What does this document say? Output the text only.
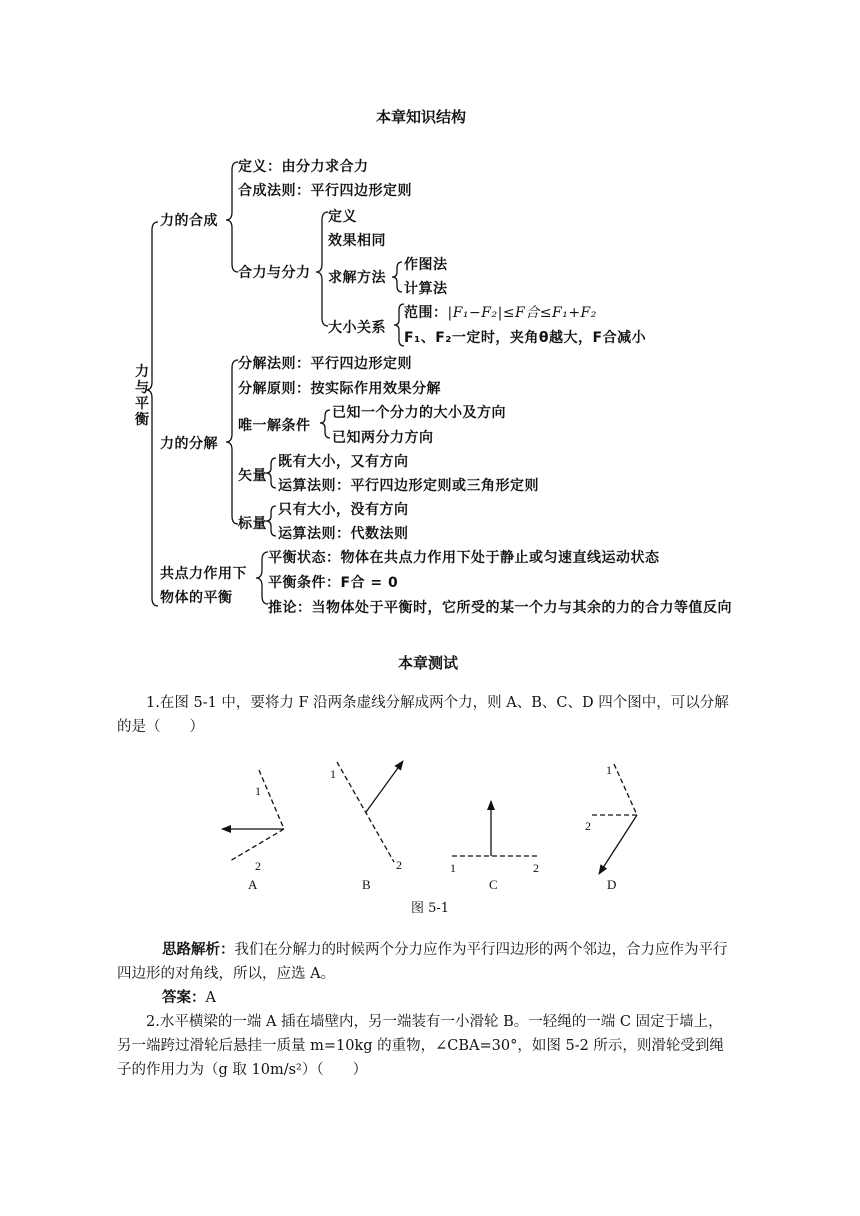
本章知识结构
力
与
平
衡
力的合成
定义：由分力求合力
合成法则：平行四边形定则
合力与分力
定义
效果相同
求解方法
作图法
计算法
大小关系
范围：|F₁−F₂|≤F合≤F₁+F₂
F₁、F₂一定时，夹角θ越大，F合减小
力的分解
分解法则：平行四边形定则
分解原则：按实际作用效果分解
唯一解条件
已知一个分力的大小及方向
已知两分力方向
矢量
既有大小，又有方向
运算法则：平行四边形定则或三角形定则
标量
只有大小，没有方向
运算法则：代数法则
共点力作用下
物体的平衡
平衡状态：物体在共点力作用下处于静止或匀速直线运动状态
平衡条件：F合 = 0
推论：当物体处于平衡时，它所受的某一个力与其余的力的合力等值反向
本章测试
1.在图 5-1 中，要将力 F 沿两条虚线分解成两个力，则 A、B、C、D 四个图中，可以分解的是（　　）
1
2
1
2	1	2
1
2
A	B	C	D
图 5-1
思路解析：我们在分解力的时候两个分力应作为平行四边形的两个邻边，合力应作为平行四边形的对角线，所以，应选 A。
答案：A
2.水平横梁的一端 A 插在墙壁内，另一端装有一小滑轮 B。一轻绳的一端 C 固定于墙上，另一端跨过滑轮后悬挂一质量 m=10kg 的重物，∠CBA=30°，如图 5-2 所示，则滑轮受到绳子的作用力为（g 取 10m/s²）（　　）
